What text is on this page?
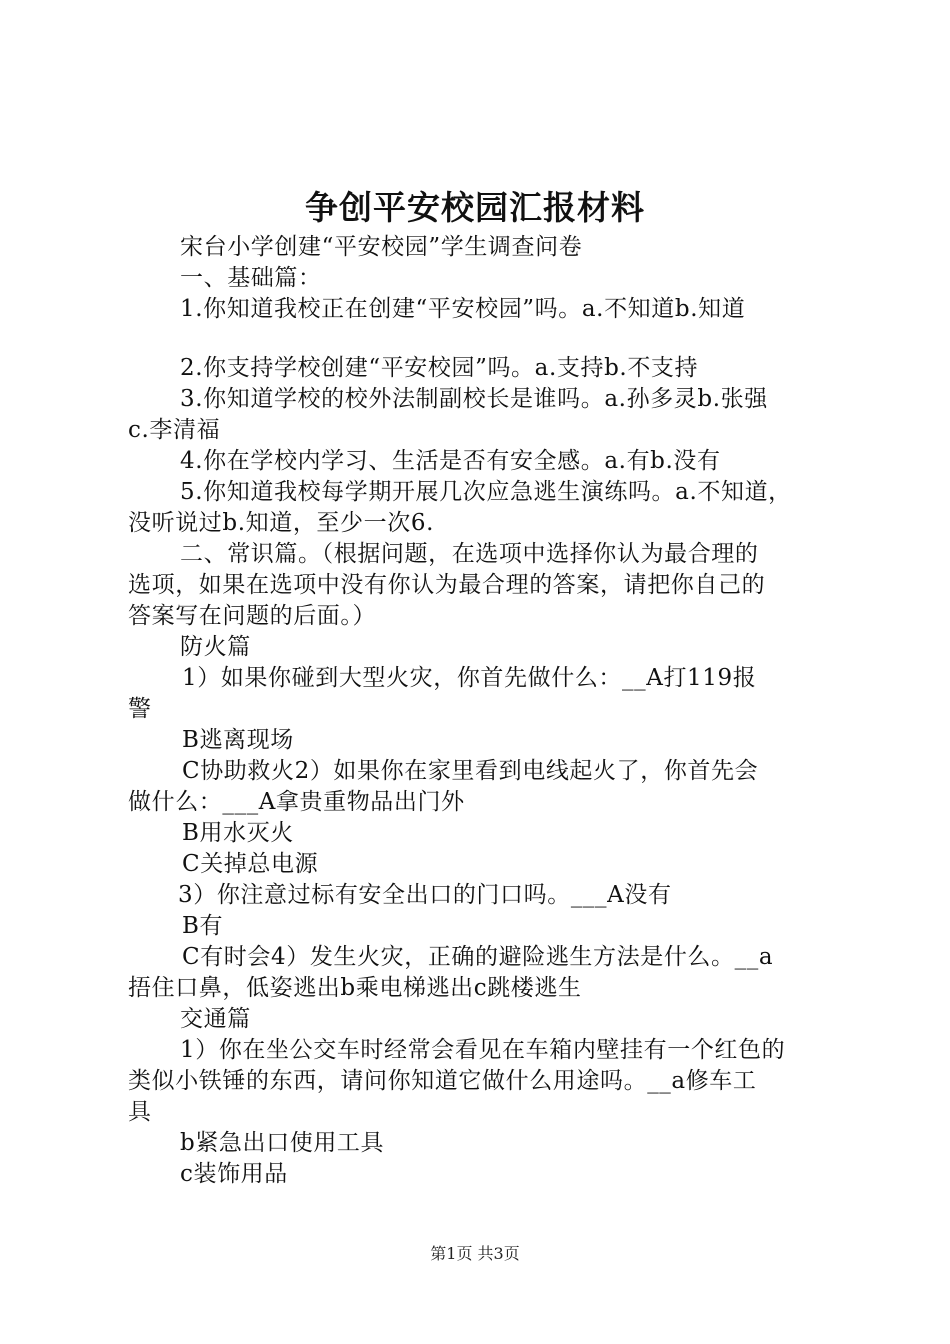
争创平安校园汇报材料
宋台小学创建“平安校园”学生调查问卷
一、基础篇：
1.你知道我校正在创建“平安校园”吗。a.不知道b.知道
2.你支持学校创建“平安校园”吗。a.支持b.不支持
3.你知道学校的校外法制副校长是谁吗。a.孙多灵b.张强
c.李清福
4.你在学校内学习、生活是否有安全感。a.有b.没有
5.你知道我校每学期开展几次应急逃生演练吗。a.不知道，
没听说过b.知道，至少一次6.
二、常识篇。（根据问题，在选项中选择你认为最合理的
选项，如果在选项中没有你认为最合理的答案，请把你自己的
答案写在问题的后面。）
防火篇
1）如果你碰到大型火灾，你首先做什么：__A打119报
警
B逃离现场
C协助救火2）如果你在家里看到电线起火了，你首先会
做什么：___A拿贵重物品出门外
B用水灭火
C关掉总电源
3）你注意过标有安全出口的门口吗。___A没有
B有
C有时会4）发生火灾，正确的避险逃生方法是什么。__a
捂住口鼻，低姿逃出b乘电梯逃出c跳楼逃生
交通篇
1）你在坐公交车时经常会看见在车箱内壁挂有一个红色的
类似小铁锤的东西，请问你知道它做什么用途吗。__a修车工
具
b紧急出口使用工具
c装饰用品
第1页 共3页
